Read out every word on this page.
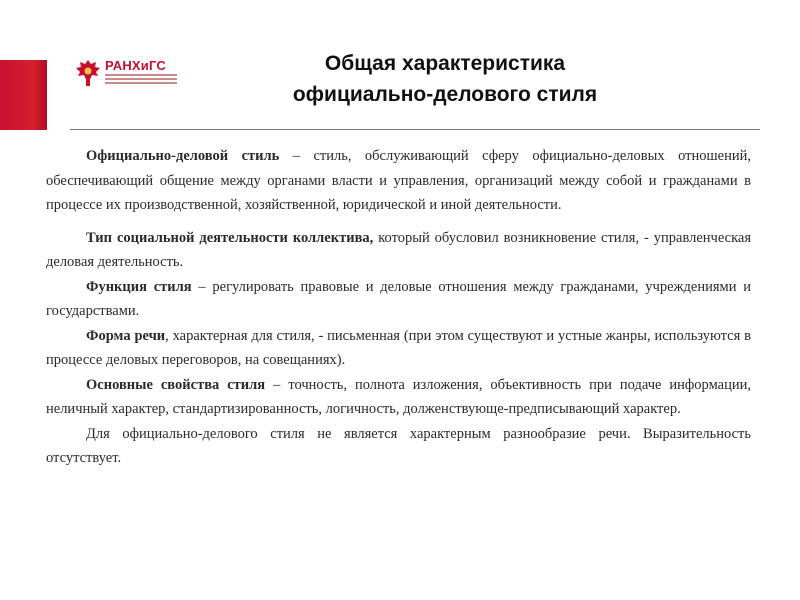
РАНХиГС	Общая характеристика
официально-делового стиля

Официально-деловой стиль – стиль, обслуживающий сферу официально-деловых отношений, обеспечивающий общение между органами власти и управления, организаций между собой и гражданами в процессе их производственной, хозяйственной, юридической и иной деятельности.

Тип социальной деятельности коллектива, который обусловил возникновение стиля, - управленческая деловая деятельность.

Функция стиля – регулировать правовые и деловые отношения между гражданами, учреждениями и государствами.

Форма речи, характерная для стиля, - письменная (при этом существуют и устные жанры, используются в процессе деловых переговоров, на совещаниях).

Основные свойства стиля – точность, полнота изложения, объективность при подаче информации, неличный характер, стандартизированность, логичность, долженствующе-предписывающий характер.

Для официально-делового стиля не является характерным разнообразие речи. Выразительность отсутствует.
